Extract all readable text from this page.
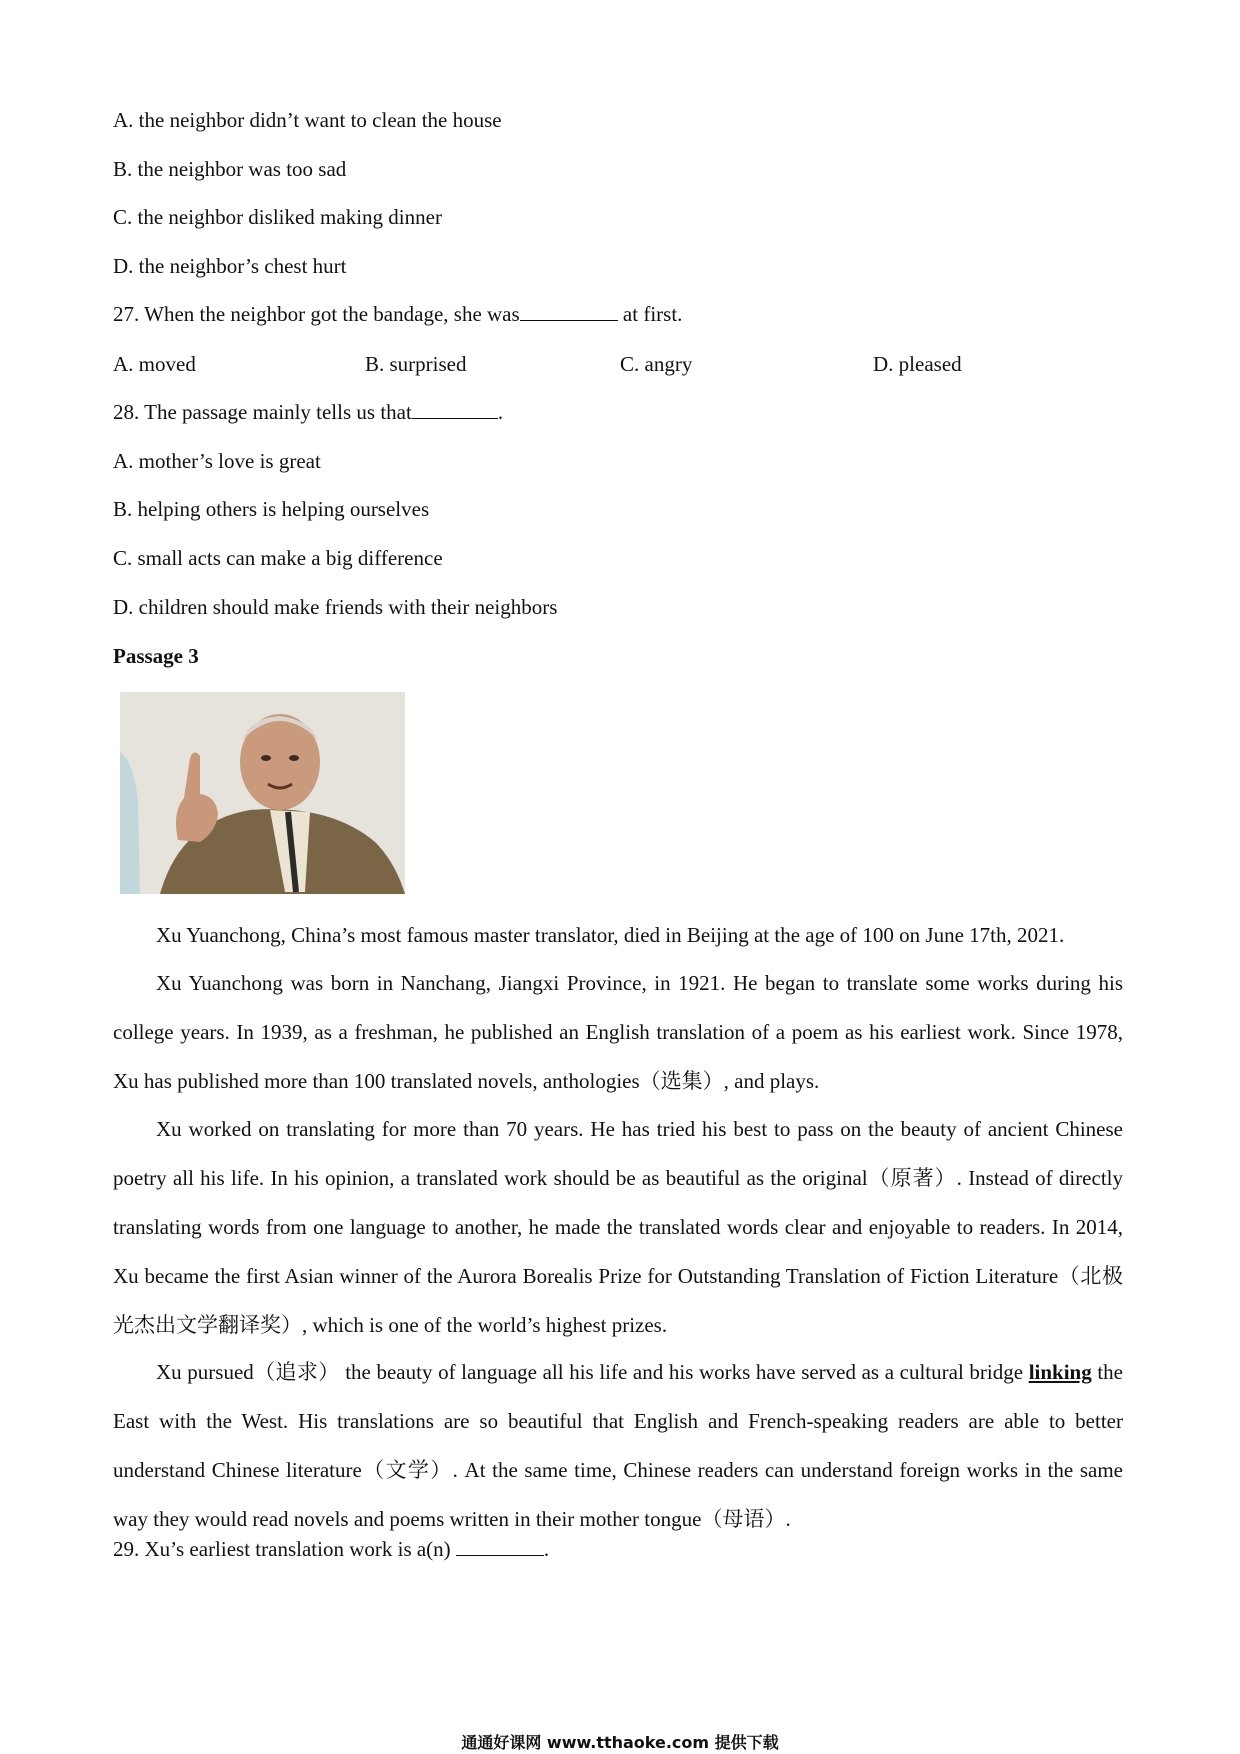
A. the neighbor didn’t want to clean the house
B. the neighbor was too sad
C. the neighbor disliked making dinner
D. the neighbor’s chest hurt
27. When the neighbor got the bandage, she was	at first.
A. moved	B. surprised	C. angry	D. pleased
28. The passage mainly tells us that	.
A. mother’s love is great
B. helping others is helping ourselves
C. small acts can make a big difference
D. children should make friends with their neighbors
Passage 3
Xu Yuanchong, China’s most famous master translator, died in Beijing at the age of 100 on June 17th, 2021.
Xu Yuanchong was born in Nanchang, Jiangxi Province, in 1921. He began to translate some works during his college years. In 1939, as a freshman, he published an English translation of a poem as his earliest work. Since 1978, Xu has published more than 100 translated novels, anthologies（选集）, and plays.
Xu worked on translating for more than 70 years. He has tried his best to pass on the beauty of ancient Chinese poetry all his life. In his opinion, a translated work should be as beautiful as the original（原著）. Instead of directly translating words from one language to another, he made the translated words clear and enjoyable to readers. In 2014, Xu became the first Asian winner of the Aurora Borealis Prize for Outstanding Translation of Fiction Literature（北极光杰出文学翻译奖）, which is one of the world’s highest prizes.
Xu pursued（追求） the beauty of language all his life and his works have served as a cultural bridge linking the East with the West. His translations are so beautiful that English and French-speaking readers are able to better understand Chinese literature（文学）. At the same time, Chinese readers can understand foreign works in the same way they would read novels and poems written in their mother tongue（母语）.
29. Xu’s earliest translation work is a(n)	.
通通好课网 www.tthaoke.com 提供下载
